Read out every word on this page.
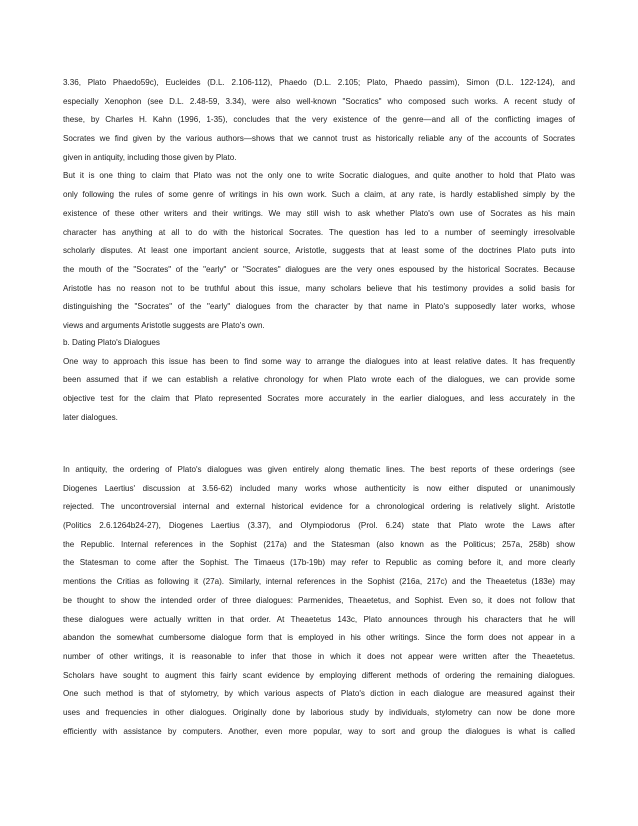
3.36, Plato Phaedo59c), Eucleides (D.L. 2.106-112), Phaedo (D.L. 2.105; Plato, Phaedo passim), Simon (D.L. 122-124), and
especially Xenophon (see D.L. 2.48-59, 3.34), were also well-known "Socratics" who composed such works. A recent study of
these, by Charles H. Kahn (1996, 1-35), concludes that the very existence of the genre—and all of the conflicting images of
Socrates we find given by the various authors—shows that we cannot trust as historically reliable any of the accounts of Socrates
given in antiquity, including those given by Plato.
But it is one thing to claim that Plato was not the only one to write Socratic dialogues, and quite another to hold that Plato was
only following the rules of some genre of writings in his own work. Such a claim, at any rate, is hardly established simply by the
existence of these other writers and their writings. We may still wish to ask whether Plato's own use of Socrates as his main
character has anything at all to do with the historical Socrates. The question has led to a number of seemingly irresolvable
scholarly disputes. At least one important ancient source, Aristotle, suggests that at least some of the doctrines Plato puts into
the mouth of the "Socrates" of the "early" or "Socrates" dialogues are the very ones espoused by the historical Socrates. Because
Aristotle has no reason not to be truthful about this issue, many scholars believe that his testimony provides a solid basis for
distinguishing the "Socrates" of the "early" dialogues from the character by that name in Plato's supposedly later works, whose
views and arguments Aristotle suggests are Plato's own.
b. Dating Plato's Dialogues
One way to approach this issue has been to find some way to arrange the dialogues into at least relative dates. It has frequently
been assumed that if we can establish a relative chronology for when Plato wrote each of the dialogues, we can provide some
objective test for the claim that Plato represented Socrates more accurately in the earlier dialogues, and less accurately in the
later dialogues.
In antiquity, the ordering of Plato's dialogues was given entirely along thematic lines. The best reports of these orderings (see
Diogenes Laertius' discussion at 3.56-62) included many works whose authenticity is now either disputed or unanimously
rejected. The uncontroversial internal and external historical evidence for a chronological ordering is relatively slight. Aristotle
(Politics 2.6.1264b24-27), Diogenes Laertius (3.37), and Olympiodorus (Prol. 6.24) state that Plato wrote the Laws after
the Republic. Internal references in the Sophist (217a) and the Statesman (also known as the Politicus; 257a, 258b) show
the Statesman to come after the Sophist. The Timaeus (17b-19b) may refer to Republic as coming before it, and more clearly
mentions the Critias as following it (27a). Similarly, internal references in the Sophist (216a, 217c) and the Theaetetus (183e) may
be thought to show the intended order of three dialogues: Parmenides, Theaetetus, and Sophist. Even so, it does not follow that
these dialogues were actually written in that order. At Theaetetus 143c, Plato announces through his characters that he will
abandon the somewhat cumbersome dialogue form that is employed in his other writings. Since the form does not appear in a
number of other writings, it is reasonable to infer that those in which it does not appear were written after the Theaetetus.
Scholars have sought to augment this fairly scant evidence by employing different methods of ordering the remaining dialogues.
One such method is that of stylometry, by which various aspects of Plato's diction in each dialogue are measured against their
uses and frequencies in other dialogues. Originally done by laborious study by individuals, stylometry can now be done more
efficiently with assistance by computers. Another, even more popular, way to sort and group the dialogues is what is called
